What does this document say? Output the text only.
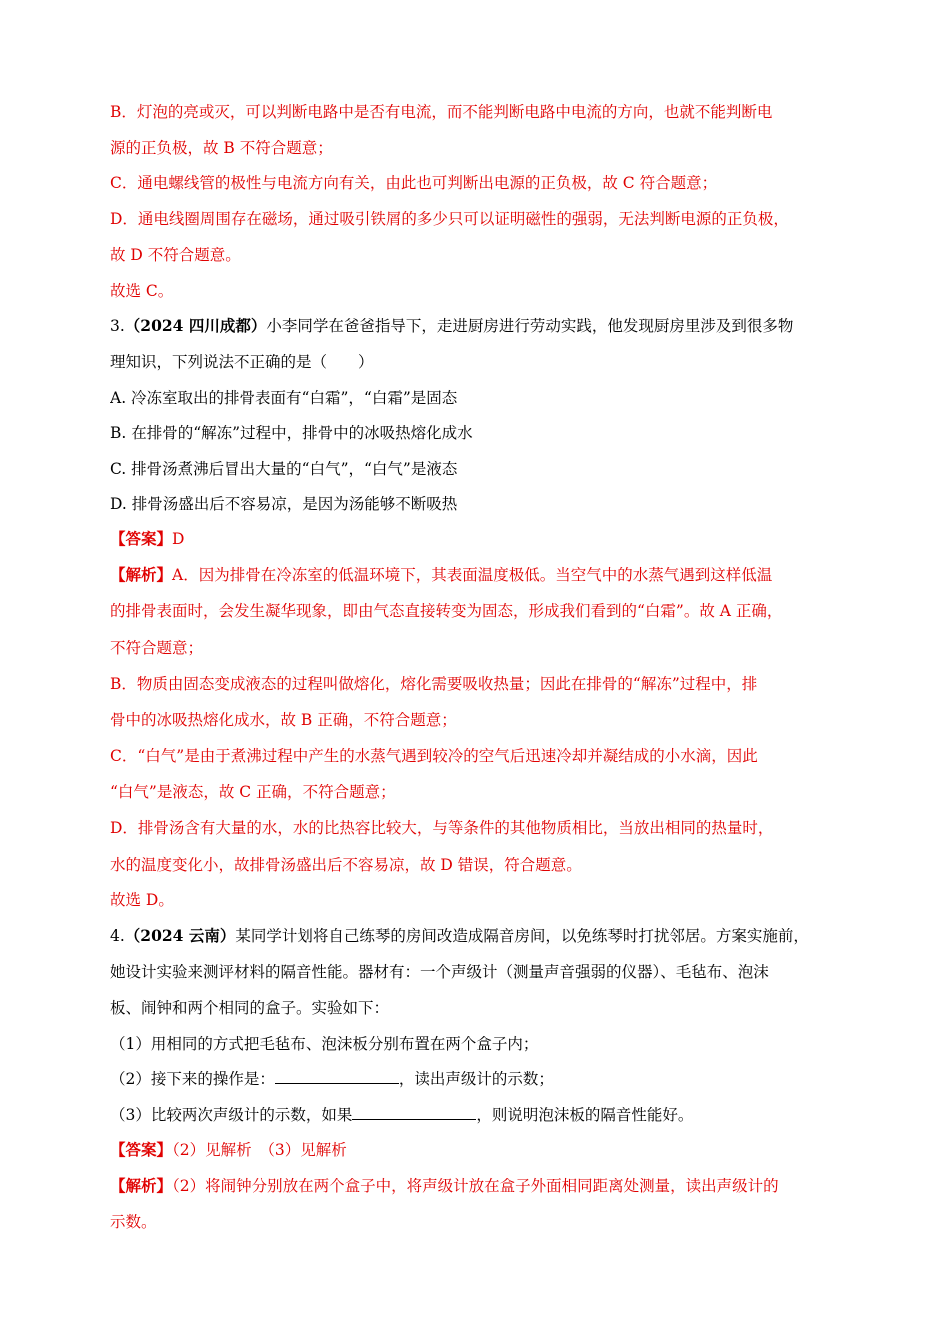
B．灯泡的亮或灭，可以判断电路中是否有电流，而不能判断电路中电流的方向，也就不能判断电
源的正负极，故 B 不符合题意；
C．通电螺线管的极性与电流方向有关，由此也可判断出电源的正负极，故 C 符合题意；
D．通电线圈周围存在磁场，通过吸引铁屑的多少只可以证明磁性的强弱，无法判断电源的正负极，
故 D 不符合题意。
故选 C。
3.（2024 四川成都）小李同学在爸爸指导下，走进厨房进行劳动实践，他发现厨房里涉及到很多物
理知识，下列说法不正确的是（　　）
A. 冷冻室取出的排骨表面有“白霜”，“白霜”是固态
B. 在排骨的“解冻”过程中，排骨中的冰吸热熔化成水
C. 排骨汤煮沸后冒出大量的“白气”，“白气”是液态
D. 排骨汤盛出后不容易凉，是因为汤能够不断吸热
【答案】D
【解析】A．因为排骨在冷冻室的低温环境下，其表面温度极低。当空气中的水蒸气遇到这样低温
的排骨表面时，会发生凝华现象，即由气态直接转变为固态，形成我们看到的“白霜”。故 A 正确，
不符合题意；
B．物质由固态变成液态的过程叫做熔化，熔化需要吸收热量；因此在排骨的“解冻”过程中，排
骨中的冰吸热熔化成水，故 B 正确，不符合题意；
C．“白气”是由于煮沸过程中产生的水蒸气遇到较冷的空气后迅速冷却并凝结成的小水滴，因此
“白气”是液态，故 C 正确，不符合题意；
D．排骨汤含有大量的水，水的比热容比较大，与等条件的其他物质相比，当放出相同的热量时，
水的温度变化小，故排骨汤盛出后不容易凉，故 D 错误，符合题意。
故选 D。
4.（2024 云南）某同学计划将自己练琴的房间改造成隔音房间，以免练琴时打扰邻居。方案实施前，
她设计实验来测评材料的隔音性能。器材有：一个声级计（测量声音强弱的仪器）、毛毡布、泡沫
板、闹钟和两个相同的盒子。实验如下：
（1）用相同的方式把毛毡布、泡沫板分别布置在两个盒子内；
（2）接下来的操作是：	，读出声级计的示数；
（3）比较两次声级计的示数，如果	，则说明泡沫板的隔音性能好。
【答案】（2）见解析　（3）见解析
【解析】（2）将闹钟分别放在两个盒子中，将声级计放在盒子外面相同距离处测量，读出声级计的
示数。
